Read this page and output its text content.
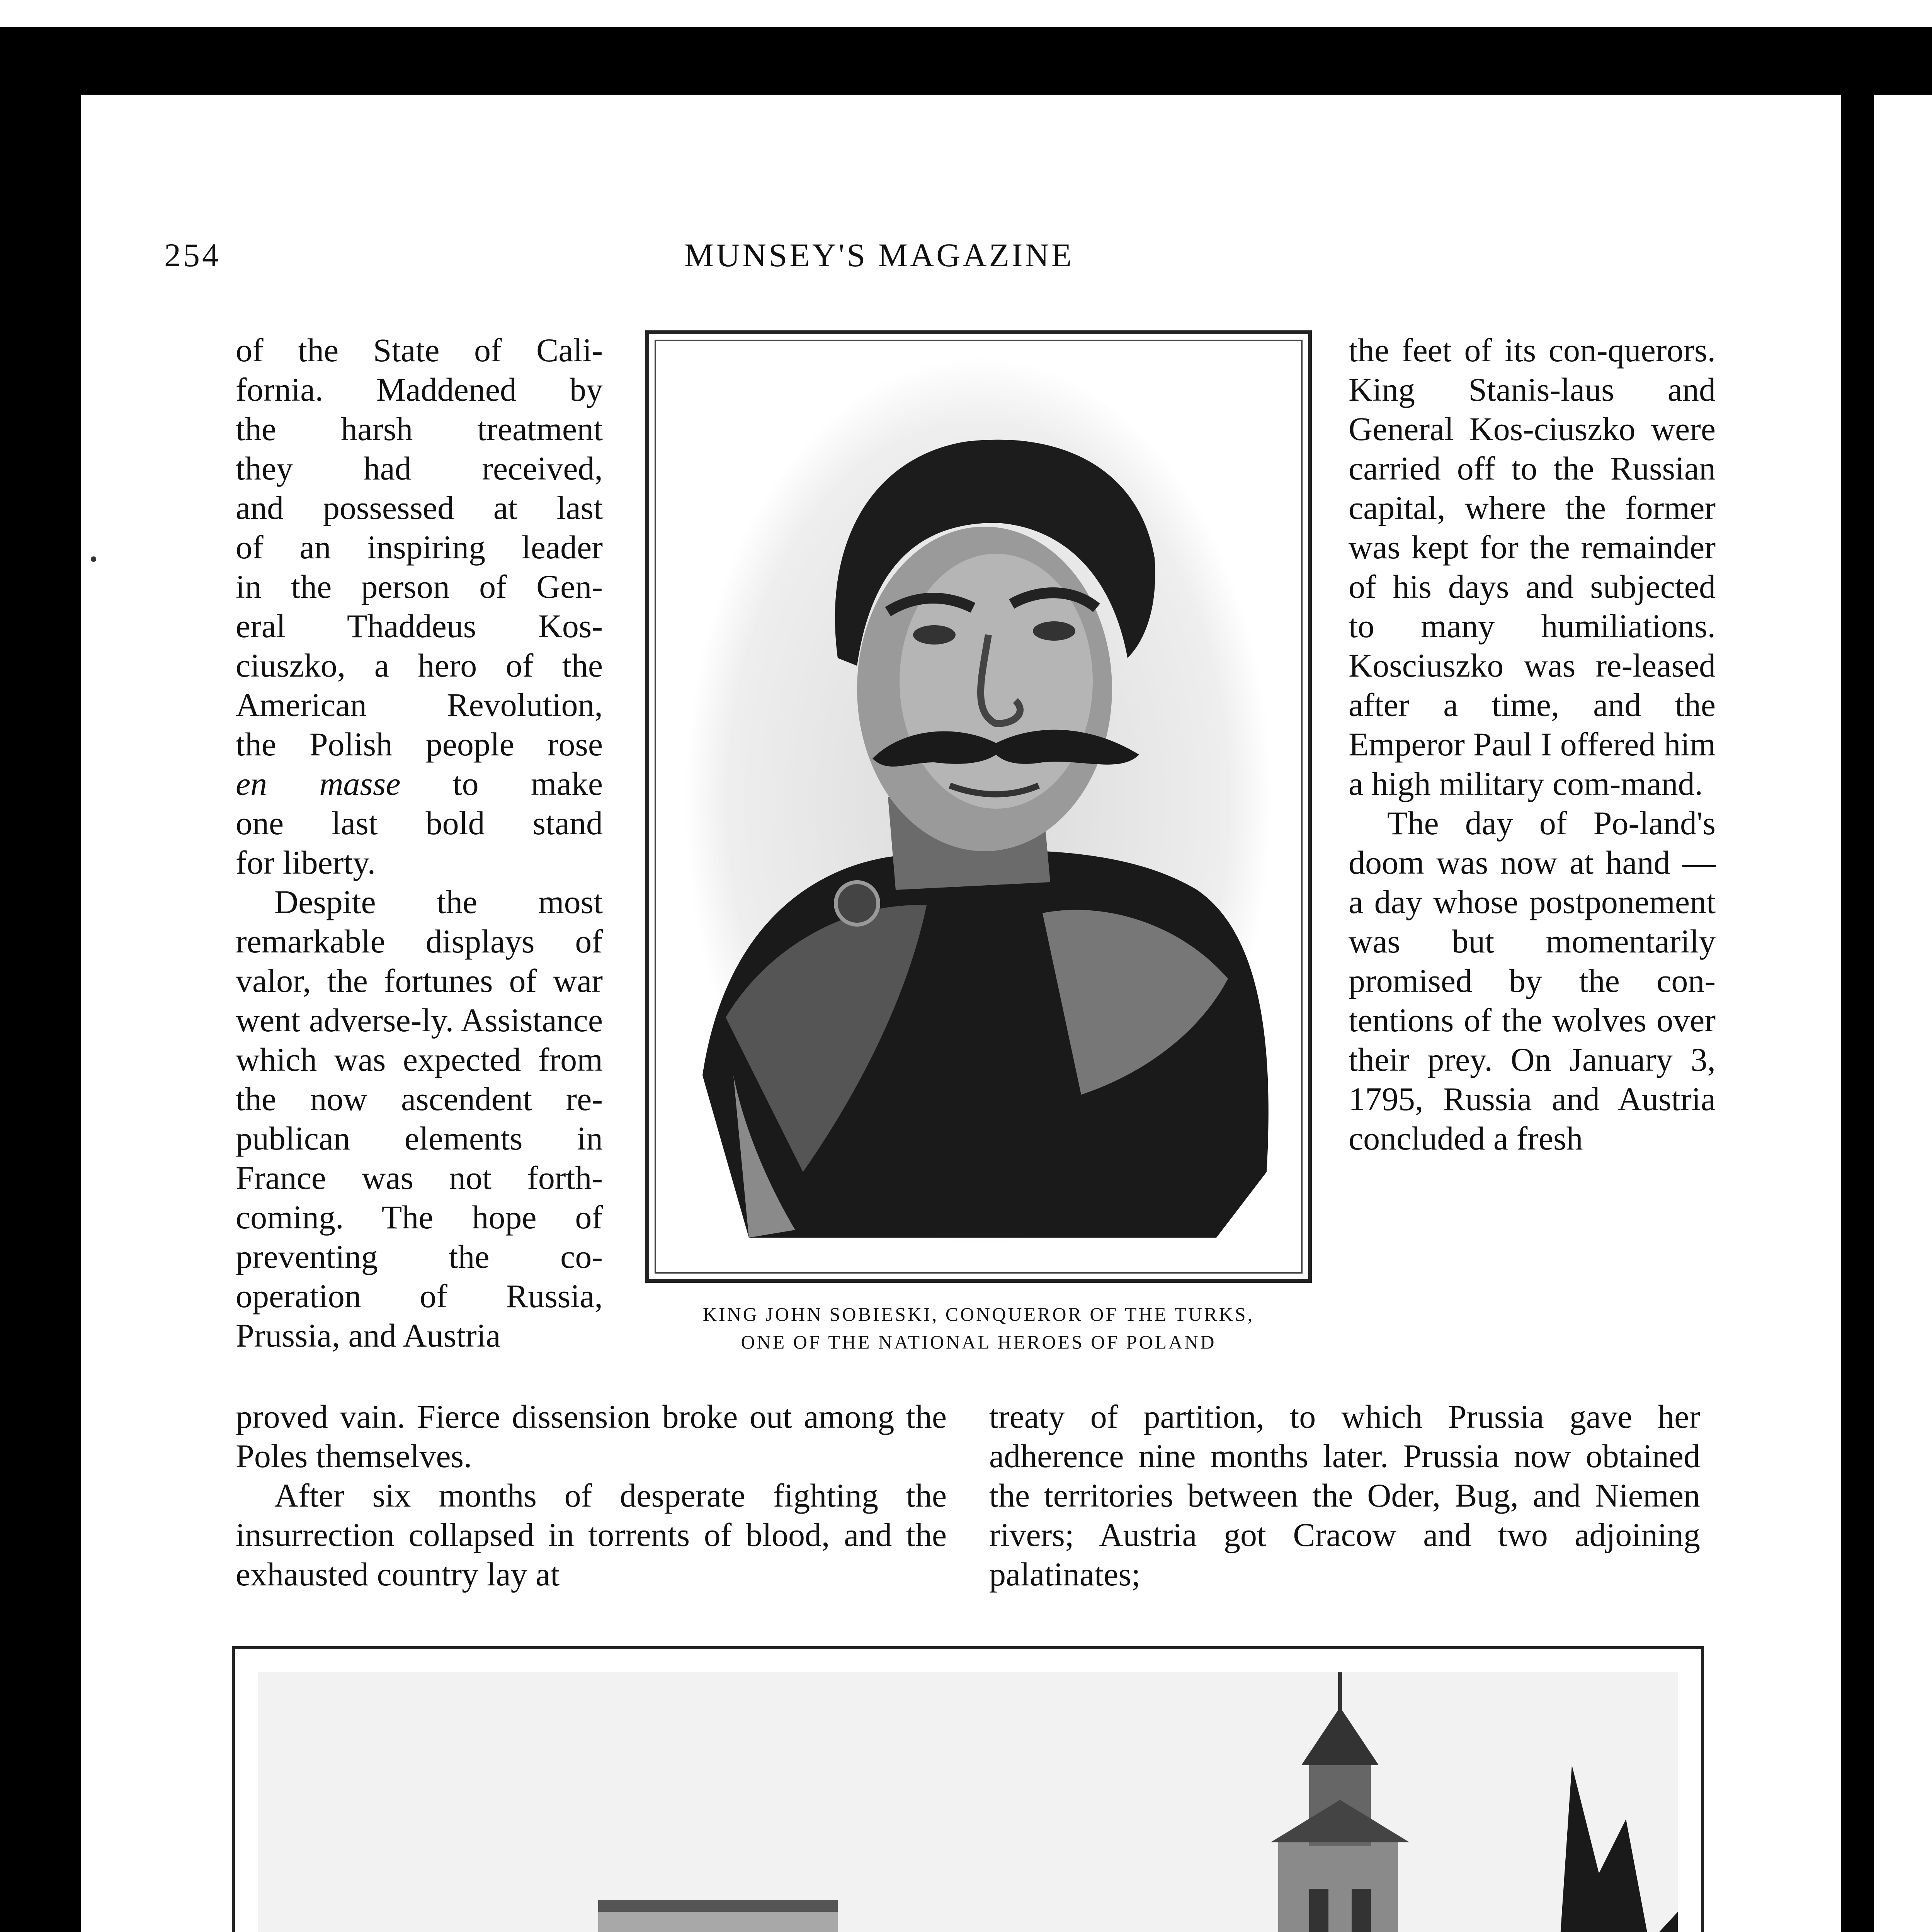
254	MUNSEY'S MAGAZINE
of the State of Cali-
fornia. Maddened by
the harsh treatment
they had received,
and possessed at last
of an inspiring leader
in the person of Gen-
eral Thaddeus Kos-
ciuszko, a hero of the
American Revolution,
the Polish people rose
en masse to make
one last bold stand
for liberty.

Despite the most remarkable displays of valor, the fortunes of war went adverse-ly. Assistance which was expected from the now ascendent re-publican elements in France was not forth-coming. The hope of preventing the co-operation of Russia, Prussia, and Austria

KING JOHN SOBIESKI, CONQUEROR OF THE TURKS,
ONE OF THE NATIONAL HEROES OF POLAND

the feet of its con-querors. King Stanis-laus and General Kos-ciuszko were carried off to the Russian capital, where the former was kept for the remainder of his days and subjected to many humiliations. Kosciuszko was re-leased after a time, and the Emperor Paul I offered him a high military com-mand.

The day of Po-land's doom was now at hand — a day whose postponement was but momentarily promised by the con-tentions of the wolves over their prey. On January 3, 1795, Russia and Austria concluded a fresh

proved vain. Fierce dissension broke out among the Poles themselves.

After six months of desperate fighting the insurrection collapsed in torrents of blood, and the exhausted country lay at

treaty of partition, to which Prussia gave her adherence nine months later. Prussia now obtained the territories between the Oder, Bug, and Niemen rivers; Austria got Cracow and two adjoining palatinates;
